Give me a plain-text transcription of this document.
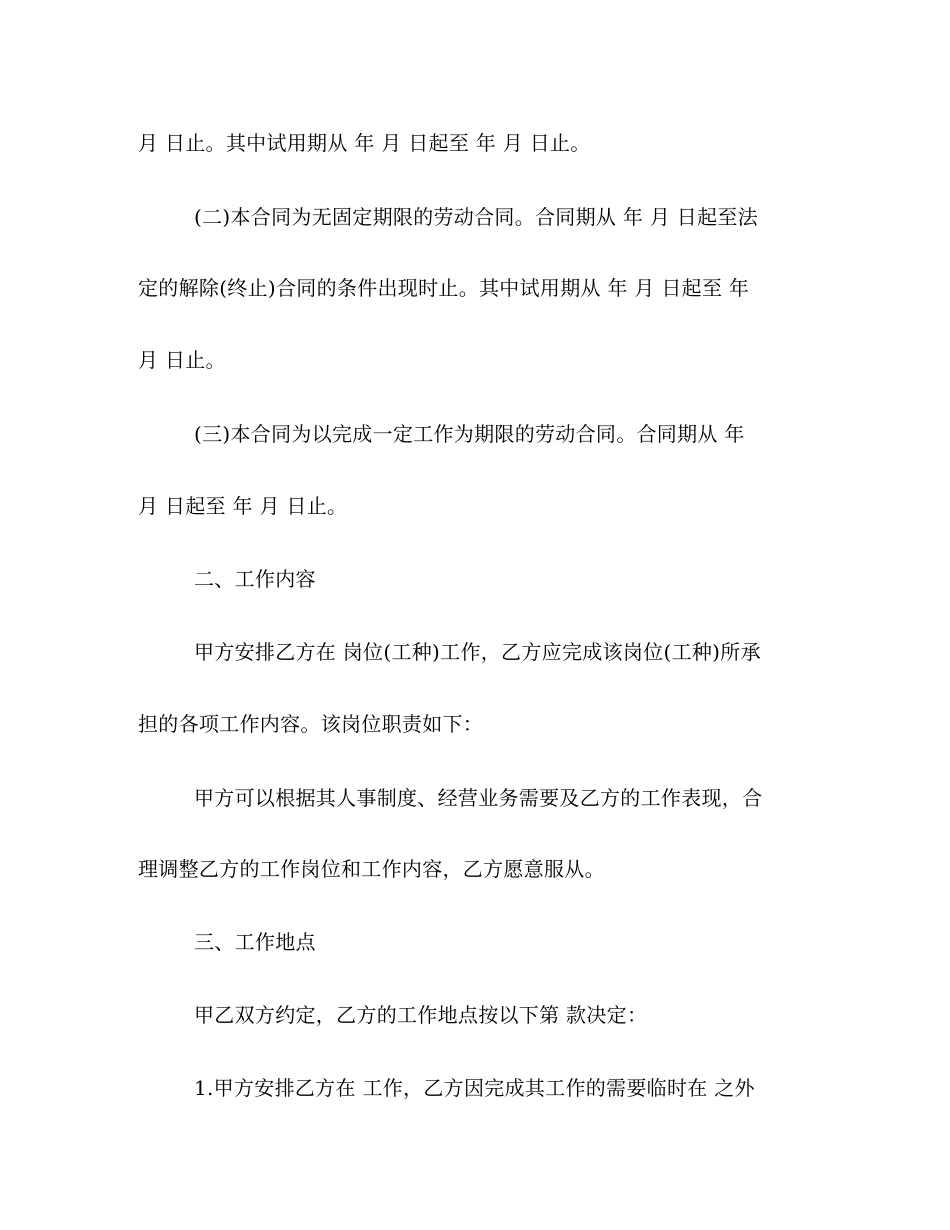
月 日止。其中试用期从 年 月 日起至 年 月 日止。
(二)本合同为无固定期限的劳动合同。合同期从 年 月 日起至法
定的解除(终止)合同的条件出现时止。其中试用期从 年 月 日起至 年
月 日止。
(三)本合同为以完成一定工作为期限的劳动合同。合同期从 年
月 日起至 年 月 日止。
二、工作内容
甲方安排乙方在 岗位(工种)工作，乙方应完成该岗位(工种)所承
担的各项工作内容。该岗位职责如下：
甲方可以根据其人事制度、经营业务需要及乙方的工作表现，合
理调整乙方的工作岗位和工作内容，乙方愿意服从。
三、工作地点
甲乙双方约定，乙方的工作地点按以下第 款决定：
1.甲方安排乙方在 工作，乙方因完成其工作的需要临时在 之外
